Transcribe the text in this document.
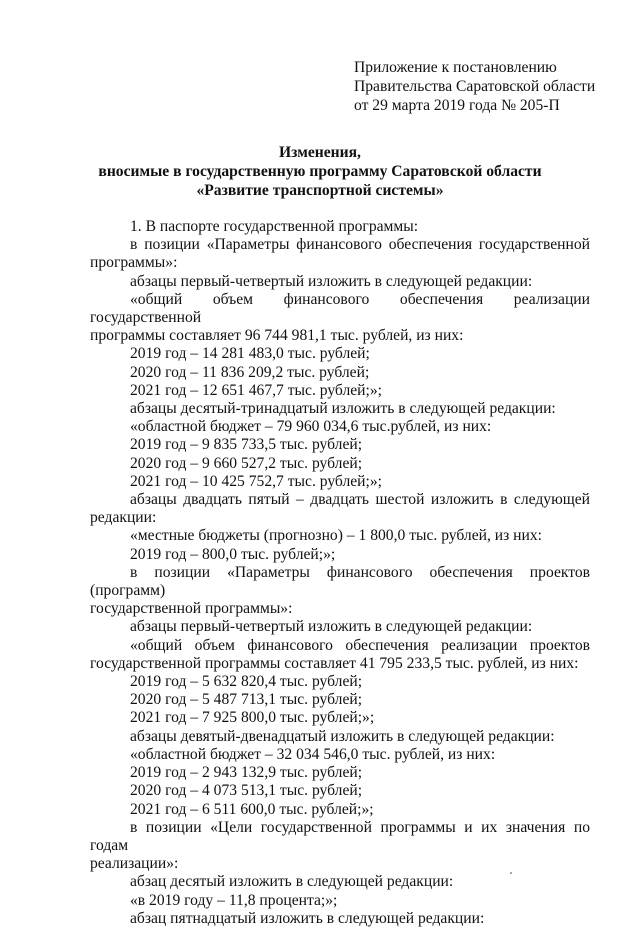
Приложение к постановлению
Правительства Саратовской области
от 29 марта 2019 года № 205-П
Изменения,
вносимые в государственную программу Саратовской области
«Развитие транспортной системы»
1. В паспорте государственной программы:
в позиции «Параметры финансового обеспечения государственной
программы»:
абзацы первый-четвертый изложить в следующей редакции:
«общий объем финансового обеспечения реализации государственной
программы составляет 96 744 981,1 тыс. рублей, из них:
2019 год – 14 281 483,0 тыс. рублей;
2020 год – 11 836 209,2 тыс. рублей;
2021 год – 12 651 467,7 тыс. рублей;»;
абзацы десятый-тринадцатый изложить в следующей редакции:
«областной бюджет – 79 960 034,6 тыс.рублей, из них:
2019 год – 9 835 733,5 тыс. рублей;
2020 год – 9 660 527,2 тыс. рублей;
2021 год – 10 425 752,7 тыс. рублей;»;
абзацы двадцать пятый – двадцать шестой изложить в следующей
редакции:
«местные бюджеты (прогнозно) – 1 800,0 тыс. рублей, из них:
2019 год – 800,0 тыс. рублей;»;
в позиции «Параметры финансового обеспечения проектов (программ)
государственной программы»:
абзацы первый-четвертый изложить в следующей редакции:
«общий объем финансового обеспечения реализации проектов
государственной программы составляет 41 795 233,5 тыс. рублей, из них:
2019 год – 5 632 820,4 тыс. рублей;
2020 год – 5 487 713,1 тыс. рублей;
2021 год – 7 925 800,0 тыс. рублей;»;
абзацы девятый-двенадцатый изложить в следующей редакции:
«областной бюджет – 32 034 546,0 тыс. рублей, из них:
2019 год – 2 943 132,9 тыс. рублей;
2020 год – 4 073 513,1 тыс. рублей;
2021 год – 6 511 600,0 тыс. рублей;»;
в позиции «Цели государственной программы и их значения по годам
реализации»:
абзац десятый изложить в следующей редакции:
«в 2019 году – 11,8 процента;»;
абзац пятнадцатый изложить в следующей редакции:
